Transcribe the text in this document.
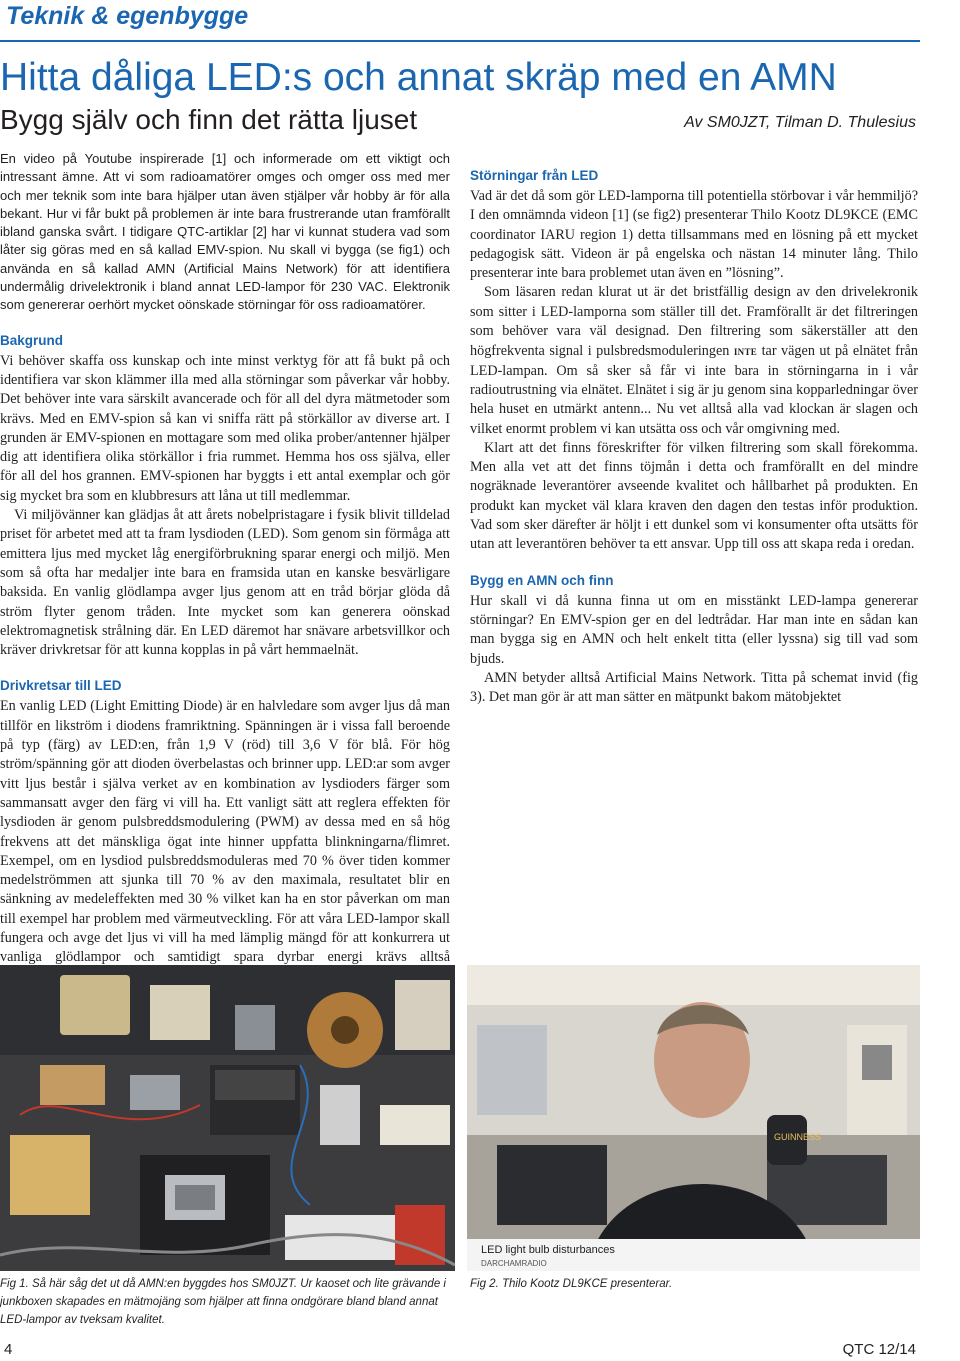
Teknik & egenbygge
Hitta dåliga LED:s och annat skräp med en AMN
Bygg själv och finn det rätta ljuset	Av SM0JZT, Tilman D. Thulesius

En video på Youtube inspirerade [1] och informerade om ett viktigt och intressant ämne. Att vi som radioamatörer omges och omger oss med mer och mer teknik som inte bara hjälper utan även stjälper vår hobby är för alla bekant. Hur vi får bukt på problemen är inte bara frustrerande utan framförallt ibland ganska svårt. I tidigare QTC-artiklar [2] har vi kunnat studera vad som låter sig göras med en så kallad EMV-spion. Nu skall vi bygga (se fig1) och använda en så kallad AMN (Artificial Mains Network) för att identifiera undermålig drivelektronik i bland annat LED-lampor för 230 VAC. Elektronik som genererar oerhört mycket oönskade störningar för oss radioamatörer.

Bakgrund

Vi behöver skaffa oss kunskap och inte minst verktyg för att få bukt på och identifiera var skon klämmer illa med alla störningar som påverkar vår hobby. Det behöver inte vara särskilt avancerade och för all del dyra mätmetoder som krävs. Med en EMV-spion så kan vi sniffa rätt på störkällor av diverse art. I grunden är EMV-spionen en mottagare som med olika prober/antenner hjälper dig att identifiera olika störkällor i fria rummet. Hemma hos oss själva, eller för all del hos grannen. EMV-spionen har byggts i ett antal exemplar och gör sig mycket bra som en klubbresurs att låna ut till medlemmar.

Vi miljövänner kan glädjas åt att årets nobelpristagare i fysik blivit tilldelad priset för arbetet med att ta fram lysdioden (LED). Som genom sin förmåga att emittera ljus med mycket låg energiförbrukning sparar energi och miljö. Men som så ofta har medaljer inte bara en framsida utan en kanske besvärligare baksida. En vanlig glödlampa avger ljus genom att en tråd börjar glöda då ström flyter genom tråden. Inte mycket som kan generera oönskad elektromagnetisk strålning där. En LED däremot har snävare arbetsvillkor och kräver drivkretsar för att kunna kopplas in på vårt hemmaelnät.

Drivkretsar till LED

En vanlig LED (Light Emitting Diode) är en halvledare som avger ljus då man tillför en likström i diodens framriktning. Spänningen är i vissa fall beroende på typ (färg) av LED:en, från 1,9 V (röd) till 3,6 V för blå. För hög ström/spänning gör att dioden överbelastas och brinner upp. LED:ar som avger vitt ljus består i själva verket av en kombination av lysdioders färger som sammansatt avger den färg vi vill ha. Ett vanligt sätt att reglera effekten för lysdioden är genom pulsbreddsmodulering (PWM) av dessa med en så hög frekvens att det mänskliga ögat inte hinner uppfatta blinkningarna/flimret. Exempel, om en lysdiod pulsbreddsmoduleras med 70 % över tiden kommer medelströmmen att sjunka till 70 % av den maximala, resultatet blir en sänkning av medeleffekten med 30 % vilket kan ha en stor påverkan om man till exempel har problem med värmeutveckling. För att våra LED-lampor skall fungera och avge det ljus vi vill ha med lämplig mängd för att konkurrera ut vanliga glödlampor och samtidigt spara dyrbar energi krävs alltså

Störningar från LED

Vad är det då som gör LED-lamporna till potentiella störbovar i vår hemmiljö? I den omnämnda videon [1] (se fig2) presenterar Thilo Kootz DL9KCE (EMC coordinator IARU region 1) detta tillsammans med en lösning på ett mycket pedagogisk sätt. Videon är på engelska och nästan 14 minuter lång. Thilo presenterar inte bara problemet utan även en ”lösning”.

Som läsaren redan klurat ut är det bristfällig design av den drivelekronik som sitter i LED-lamporna som ställer till det. Framförallt är det filtreringen som behöver vara väl designad. Den filtrering som säkerställer att den högfrekventa signal i pulsbredsmoduleringen inte tar vägen ut på elnätet från LED-lampan. Om så sker så får vi inte bara in störningarna in i vår radioutrustning via elnätet. Elnätet i sig är ju genom sina kopparledningar över hela huset en utmärkt antenn... Nu vet alltså alla vad klockan är slagen och vilket enormt problem vi kan utsätta oss och vår omgivning med.

Klart att det finns föreskrifter för vilken filtrering som skall förekomma. Men alla vet att det finns töjmån i detta och framförallt en del mindre nogräknade leverantörer avseende kvalitet och hållbarhet på produkten. En produkt kan mycket väl klara kraven den dagen den testas inför produktion. Vad som sker därefter är höljt i ett dunkel som vi konsumenter ofta utsätts för utan att leverantören behöver ta ett ansvar. Upp till oss att skapa reda i oredan.

Bygg en AMN och finn

Hur skall vi då kunna finna ut om en misstänkt LED-lampa genererar störningar? En EMV-spion ger en del ledtrådar. Har man inte en sådan kan man bygga sig en AMN och helt enkelt titta (eller lyssna) sig till vad som bjuds.

AMN betyder alltså Artificial Mains Network. Titta på schemat invid (fig 3). Det man gör är att man sätter en mätpunkt bakom mätobjektet

GUINNESS
LED light bulb disturbances
DARCHAMRADIO
Fig 1. Så här såg det ut då AMN:en byggdes hos SM0JZT. Ur kaoset och lite grävande i junkboxen skapades en mätmojäng som hjälper att finna ondgörare bland bland annat LED-lampor av tveksam kvalitet.
Fig 2. Thilo Kootz DL9KCE presenterar.
4	QTC 12/14
